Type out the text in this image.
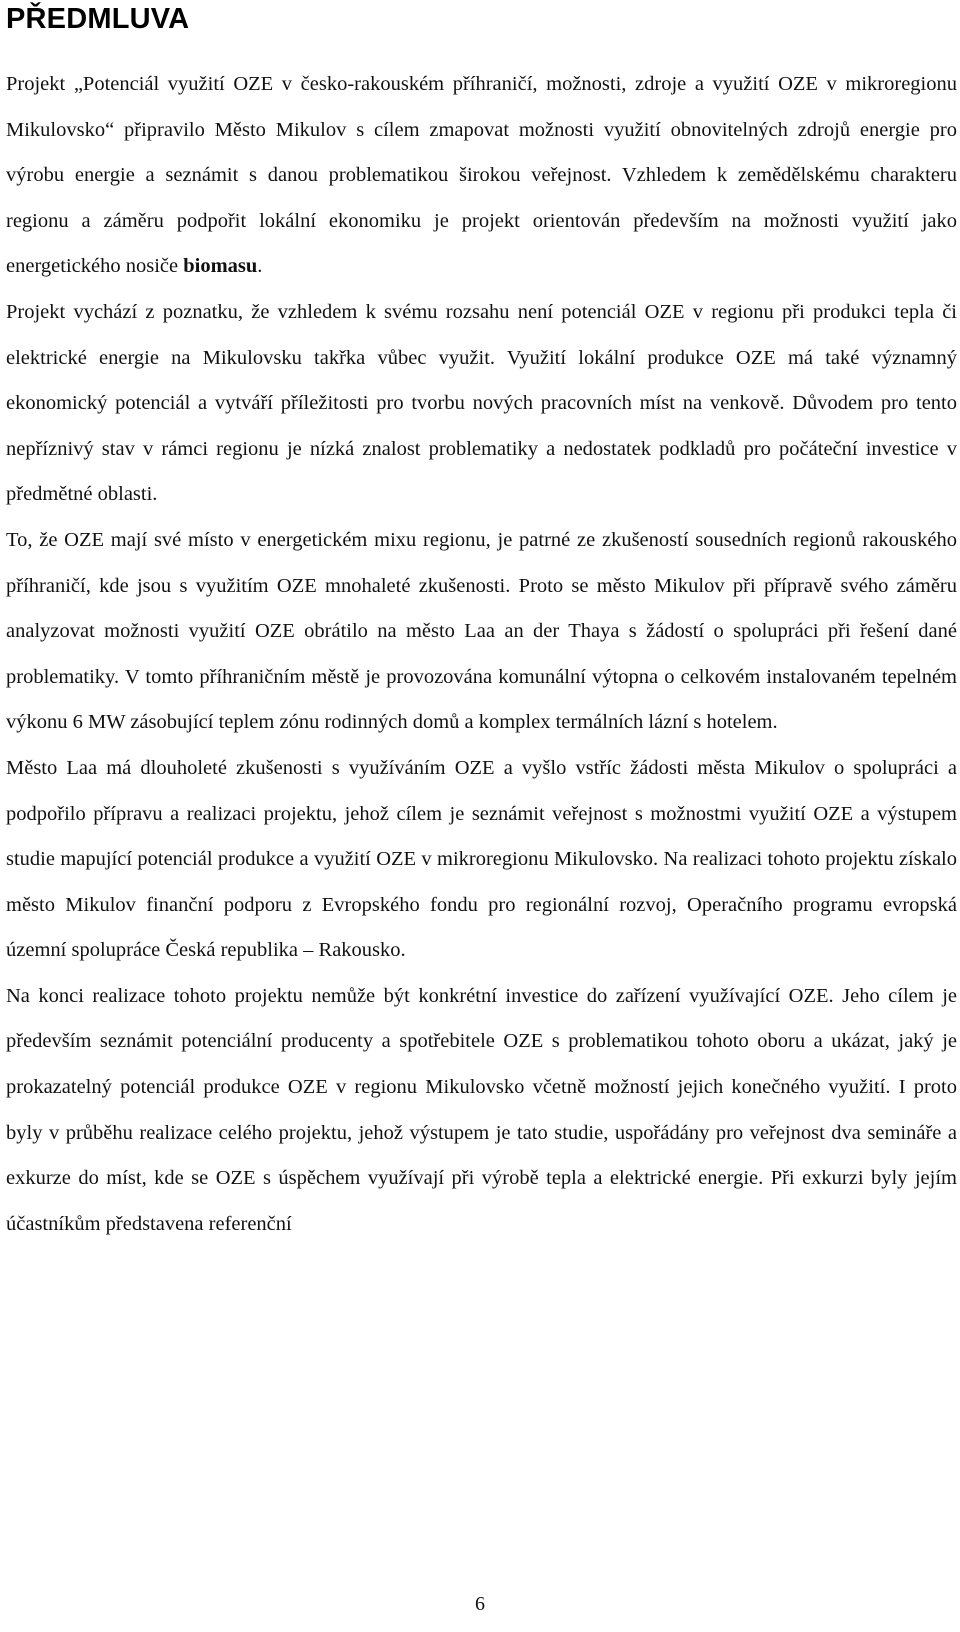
PŘEDMLUVA

Projekt „Potenciál využití OZE v česko-rakouském příhraničí, možnosti, zdroje a využití OZE v mikroregionu Mikulovsko“ připravilo Město Mikulov s cílem zmapovat možnosti využití obnovitelných zdrojů energie pro výrobu energie a seznámit s danou problematikou širokou veřejnost. Vzhledem k zemědělskému charakteru regionu a záměru podpořit lokální ekonomiku je projekt orientován především na možnosti využití jako energetického nosiče biomasu.

Projekt vychází z poznatku, že vzhledem k svému rozsahu není potenciál OZE v regionu při produkci tepla či elektrické energie na Mikulovsku takřka vůbec využit. Využití lokální produkce OZE má také významný ekonomický potenciál a vytváří příležitosti pro tvorbu nových pracovních míst na venkově. Důvodem pro tento nepříznivý stav v rámci regionu je nízká znalost problematiky a nedostatek podkladů pro počáteční investice v předmětné oblasti.

To, že OZE mají své místo v energetickém mixu regionu, je patrné ze zkušeností sousedních regionů rakouského příhraničí, kde jsou s využitím OZE mnohaleté zkušenosti. Proto se město Mikulov při přípravě svého záměru analyzovat možnosti využití OZE obrátilo na město Laa an der Thaya s žádostí o spolupráci při řešení dané problematiky. V tomto příhraničním městě je provozována komunální výtopna o celkovém instalovaném tepelném výkonu 6 MW zásobující teplem zónu rodinných domů a komplex termálních lázní s hotelem.

Město Laa má dlouholeté zkušenosti s využíváním OZE a vyšlo vstříc žádosti města Mikulov o spolupráci a podpořilo přípravu a realizaci projektu, jehož cílem je seznámit veřejnost s možnostmi využití OZE a výstupem studie mapující potenciál produkce a využití OZE v mikroregionu Mikulovsko. Na realizaci tohoto projektu získalo město Mikulov finanční podporu z Evropského fondu pro regionální rozvoj, Operačního programu evropská územní spolupráce Česká republika – Rakousko.

Na konci realizace tohoto projektu nemůže být konkrétní investice do zařízení využívající OZE. Jeho cílem je především seznámit potenciální producenty a spotřebitele OZE s problematikou tohoto oboru a ukázat, jaký je prokazatelný potenciál produkce OZE v regionu Mikulovsko včetně možností jejich konečného využití. I proto byly v průběhu realizace celého projektu, jehož výstupem je tato studie, uspořádány pro veřejnost dva semináře a exkurze do míst, kde se OZE s úspěchem využívají při výrobě tepla a elektrické energie. Při exkurzi byly jejím účastníkům představena referenční

6
